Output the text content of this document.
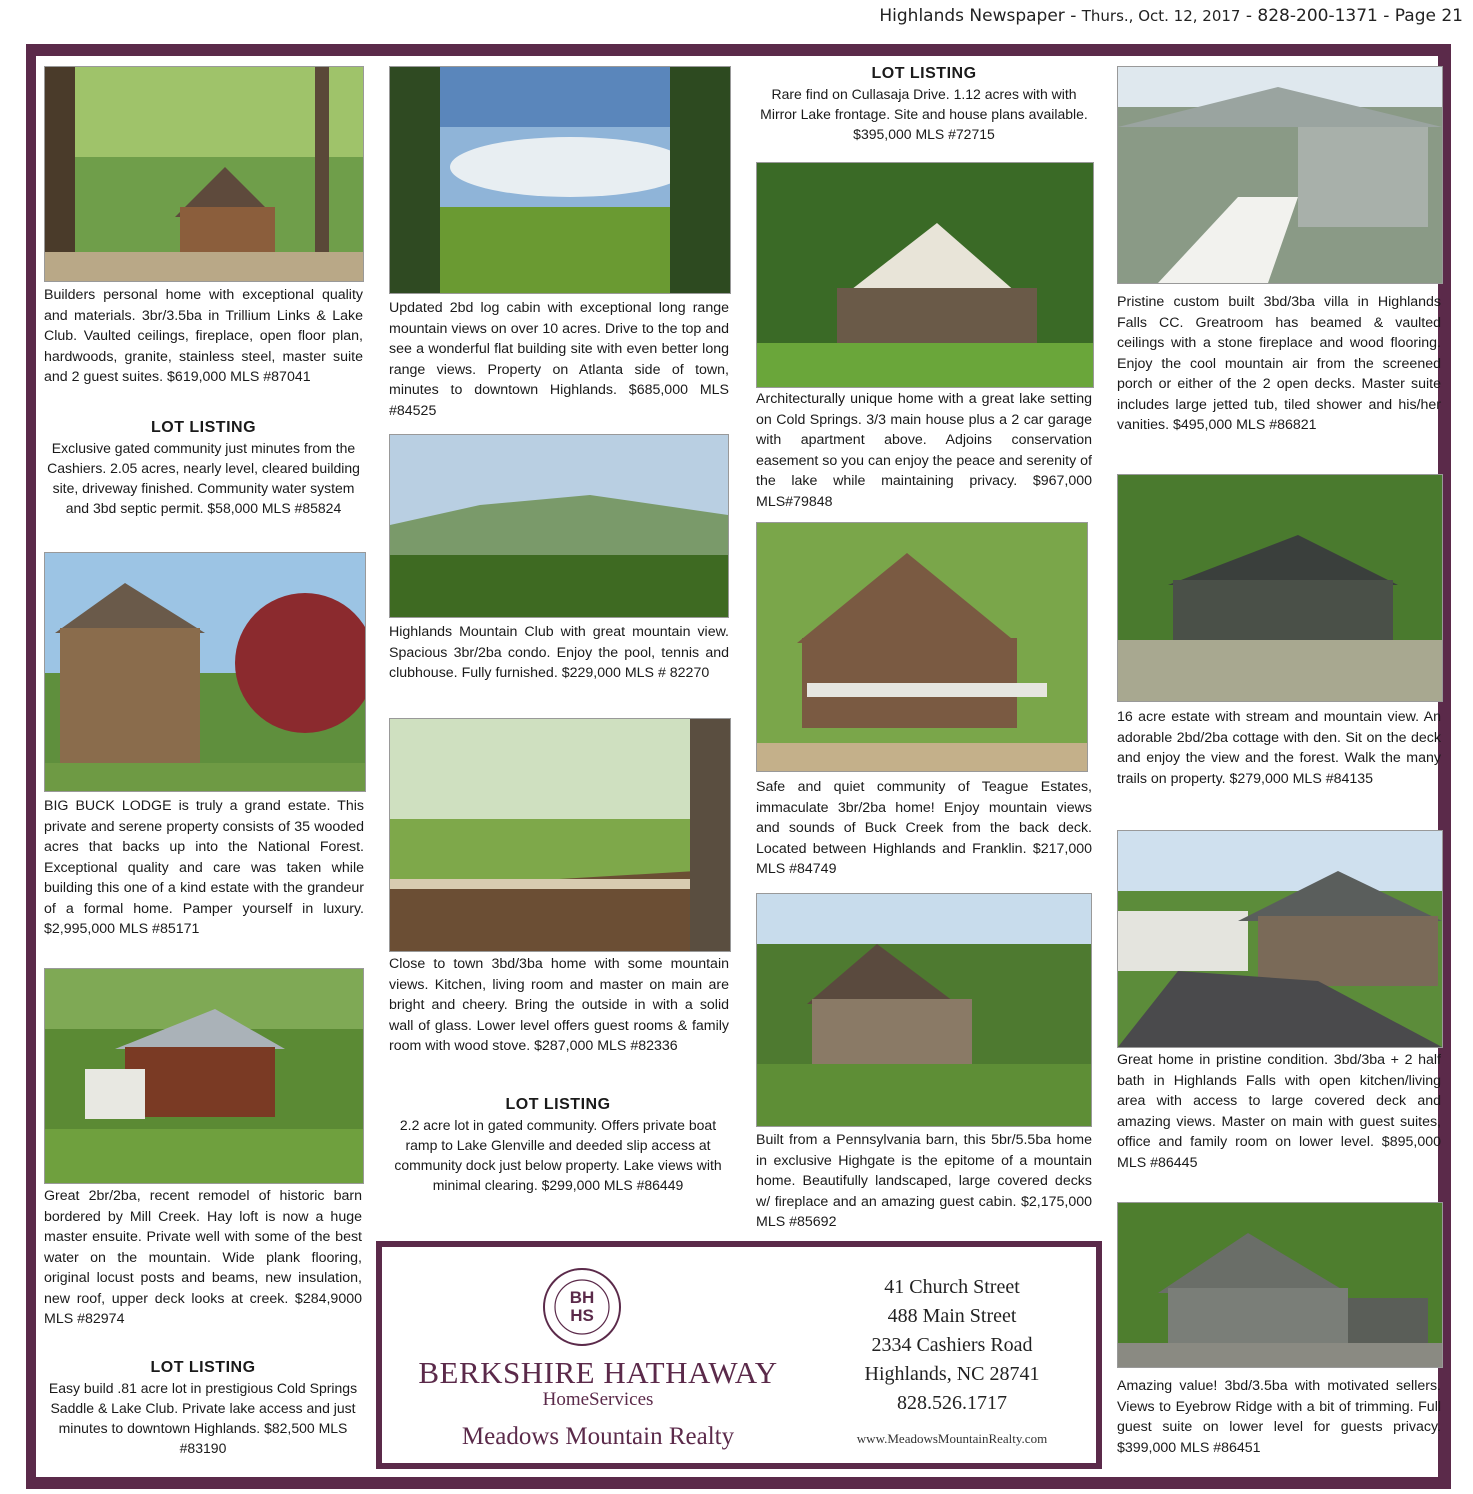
Highlands Newspaper - Thurs., Oct. 12, 2017 - 828-200-1371 - Page 21
Builders personal home with exceptional quality and materials. 3br/3.5ba in Trillium Links & Lake Club. Vaulted ceilings, fireplace, open floor plan, hardwoods, granite, stainless steel, master suite and 2 guest suites. $619,000 MLS #87041
LOT LISTING
Exclusive gated community just minutes from the Cashiers. 2.05 acres, nearly level, cleared building site, driveway finished. Community water system and 3bd septic permit. $58,000 MLS #85824
BIG BUCK LODGE is truly a grand estate. This private and serene property consists of 35 wooded acres that backs up into the National Forest. Exceptional quality and care was taken while building this one of a kind estate with the grandeur of a formal home. Pamper yourself in luxury. $2,995,000 MLS #85171
Great 2br/2ba, recent remodel of historic barn bordered by Mill Creek. Hay loft is now a huge master ensuite. Private well with some of the best water on the mountain. Wide plank flooring, original locust posts and beams, new insulation, new roof, upper deck looks at creek. $284,9000 MLS #82974
LOT LISTING
Easy build .81 acre lot in prestigious Cold Springs Saddle & Lake Club. Private lake access and just minutes to downtown Highlands. $82,500 MLS #83190
Updated 2bd log cabin with exceptional long range mountain views on over 10 acres. Drive to the top and see a wonderful flat building site with even better long range views. Property on Atlanta side of town, minutes to downtown Highlands. $685,000 MLS #84525
Highlands Mountain Club with great mountain view. Spacious 3br/2ba condo. Enjoy the pool, tennis and clubhouse. Fully furnished. $229,000 MLS # 82270
Close to town 3bd/3ba home with some mountain views. Kitchen, living room and master on main are bright and cheery. Bring the outside in with a solid wall of glass. Lower level offers guest rooms & family room with wood stove. $287,000 MLS #82336
LOT LISTING
2.2 acre lot in gated community. Offers private boat ramp to Lake Glenville and deeded slip access at community dock just below property. Lake views with minimal clearing. $299,000 MLS #86449
LOT LISTING
Rare find on Cullasaja Drive. 1.12 acres with with Mirror Lake frontage. Site and house plans available. $395,000 MLS #72715
Architecturally unique home with a great lake setting on Cold Springs. 3/3 main house plus a 2 car garage with apartment above. Adjoins conservation easement so you can enjoy the peace and serenity of the lake while maintaining privacy. $967,000 MLS#79848
Safe and quiet community of Teague Estates, immaculate 3br/2ba home! Enjoy mountain views and sounds of Buck Creek from the back deck. Located between Highlands and Franklin. $217,000 MLS #84749
Built from a Pennsylvania barn, this 5br/5.5ba home in exclusive Highgate is the epitome of a mountain home. Beautifully landscaped, large covered decks w/ fireplace and an amazing guest cabin. $2,175,000 MLS #85692
Pristine custom built 3bd/3ba villa in Highlands Falls CC. Greatroom has beamed & vaulted ceilings with a stone fireplace and wood flooring. Enjoy the cool mountain air from the screened porch or either of the 2 open decks. Master suite includes large jetted tub, tiled shower and his/her vanities. $495,000 MLS #86821
16 acre estate with stream and mountain view. An adorable 2bd/2ba cottage with den. Sit on the deck and enjoy the view and the forest. Walk the many trails on property. $279,000 MLS #84135
Great home in pristine condition. 3bd/3ba + 2 half bath in Highlands Falls with open kitchen/living area with access to large covered deck and amazing views. Master on main with guest suites, office and family room on lower level. $895,000 MLS #86445
Amazing value! 3bd/3.5ba with motivated sellers. Views to Eyebrow Ridge with a bit of trimming. Full guest suite on lower level for guests privacy. $399,000 MLS #86451
BH HS
BERKSHIRE HATHAWAY
HomeServices
Meadows Mountain Realty
41 Church Street
488 Main Street
2334 Cashiers Road
Highlands, NC 28741
828.526.1717
www.MeadowsMountainRealty.com
